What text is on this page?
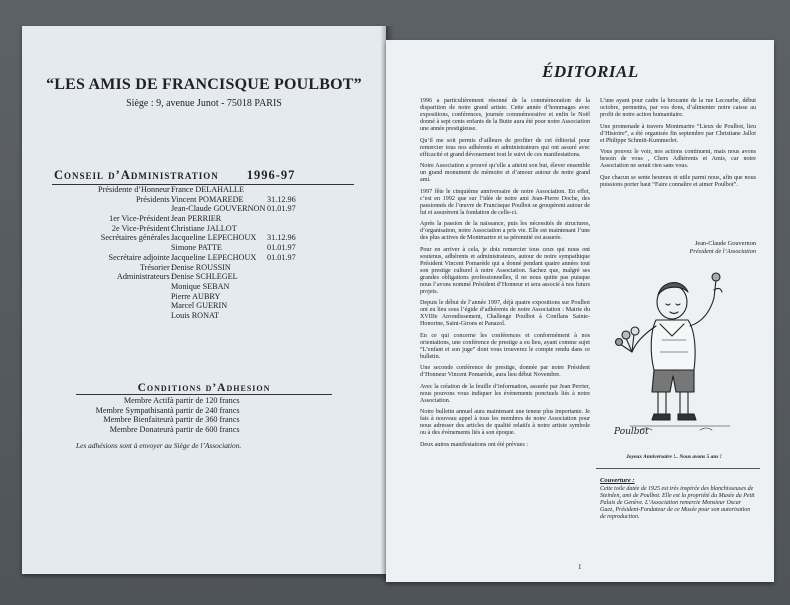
“LES AMIS DE FRANCISQUE POULBOT”
Siège : 9, avenue Junot - 75018 PARIS
Conseil d’Administration 1996-97
Présidente d’Honneur :
Présidents :
1er Vice-Président :
2e Vice-Président :
Secrétaires générales :
Secrétaire adjointe :
Trésorier :
Administrateurs :
France DELAHALLE
Vincent POMAREDE
Jean-Claude GOUVERNON
Jean PERRIER
Christiane JALLOT
Jacqueline LEPECHOUX
Simone PATTE
Jacqueline LEPECHOUX
Denise ROUSSIN
Denise SCHLEGEL
Monique SEBAN
Pierre AUBRY
Marcel GUERIN
Louis RONAT
31.12.96
01.01.97
31.12.96
01.01.97
01.01.97
Conditions d’Adhesion
Membre Actif
Membre Sympathisant
Membre Bienfaiteur
Membre Donateur
à partir de 120 francs
à partir de 240 francs
à partir de 360 francs
à partir de 600 francs
Les adhésions sont à envoyer au Siège de l’Association.
ÉDITORIAL

1996 a particulièrement résonné de la commémoration de la disparition de notre grand artiste. Cette année d’hommages avec expositions, conférences, journée commémorative et enfin le Noël donné à sept cents enfants de la Butte aura été pour notre Association une année prestigieuse.

Qu’il me soit permis d’ailleurs de profiter de cet éditorial pour remercier tous nos adhérents et administrateurs qui ont assuré avec efficacité et grand dévouement tout le suivi de ces manifestations.

Notre Association a prouvé qu’elle a atteint son but, élever ensemble un grand monument de mémoire et d’amour autour de notre grand ami.

1997 fête le cinquième anniversaire de notre Association. En effet, c’est en 1992 que sur l’idée de notre ami Jean-Pierre Doche, des passionnés de l’œuvre de Francisque Poulbot se groupèrent autour de lui et assurèrent la fondation de celle-ci.

Après la passion de la naissance, puis les nécessités de structures, d’organisation, notre Association a pris vie. Elle est maintenant l’une des plus actives de Montmartre et sa pérennité est assurée.

Pour en arriver à cela, je dois remercier tous ceux qui nous ont soutenus, adhérents et administrateurs, autour de notre sympathique Président Vincent Pomarède qui a donné pendant quatre années tout son prestige culturel à notre Association. Sachez que, malgré ses grandes obligations professionnelles, il ne nous quitte pas puisque nous l’avons nommé Président d’Honneur et sera associé à nos futurs projets.

Depuis le début de l’année 1997, déjà quatre expositions sur Poulbot ont eu lieu sous l’égide d’adhérents de notre Association : Mairie du XVIIIe Arrondissement, Challenge Poulbot à Conflans Sainte-Honorine, Saint-Girons et Panazol.

En ce qui concerne les conférences et conformément à nos orientations, une conférence de prestige a eu lieu, ayant comme sujet “L’enfant et son juge” dont vous trouverez le compte rendu dans ce bulletin.

Une seconde conférence de prestige, donnée par notre Président d’Honneur Vincent Pomarède, aura lieu début Novembre.

Avec la création de la feuille d’information, assurée par Jean Perrier, nous pouvons vous indiquer les évènements ponctuels liés à notre Association.

Notre bulletin annuel aura maintenant une teneur plus importante. Je fais à nouveau appel à tous les membres de notre Association pour nous adresser des articles de qualité relatifs à notre artiste symbole ou à des évènements liés à son époque.

Deux autres manifestations ont été prévues :

L’une ayant pour cadre la brocante de la rue Lecourbe, début octobre, permettra, par vos dons, d’alimenter notre caisse au profit de notre action humanitaire.

Une promenade à travers Montmartre “Lieux de Poulbot, lieu d’Histoire”, a été organisée fin septembre par Christiane Jallot et Philippe Schmitt-Kummerlet.

Vous pouvez le voir, nos actions continuent, mais nous avons besoin de vous , Chers Adhérents et Amis, car notre Association ne serait rien sans vous.

Que chacun se sente heureux et utile parmi nous, afin que nous puissions porter haut “Faire connaître et aimer Poulbot”.

Jean-Claude Gouvernon
Président de l’Association
Poulbot
Joyeux Anniversaire !.. Nous avons 5 ans !
Couverture :
Cette toile datée de 1925 est très inspirée des blanchisseuses de Steinlen, ami de Poulbot. Elle est la propriété du Musée du Petit Palais de Genève. L’Association remercie Monsieur Oscar Guez, Président-Fondateur de ce Musée pour son autorisation de reproduction.
1
